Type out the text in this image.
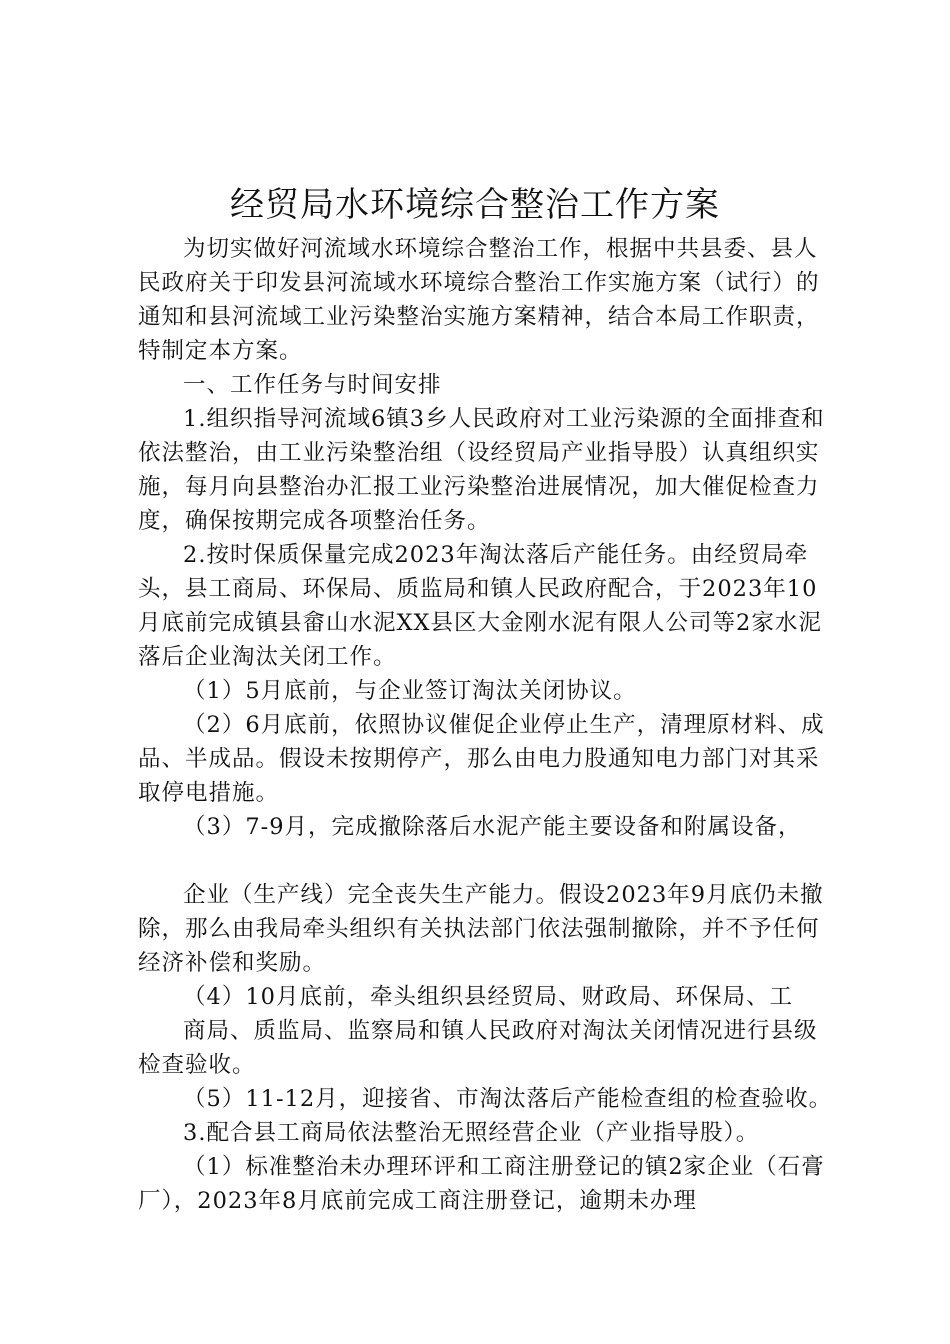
经贸局水环境综合整治工作方案

为切实做好河流域水环境综合整治工作，根据中共县委、县人民政府关于印发县河流域水环境综合整治工作实施方案（试行）的通知和县河流域工业污染整治实施方案精神，结合本局工作职责，特制定本方案。

一、工作任务与时间安排

1.组织指导河流域6镇3乡人民政府对工业污染源的全面排查和依法整治，由工业污染整治组（设经贸局产业指导股）认真组织实施，每月向县整治办汇报工业污染整治进展情况，加大催促检查力度，确保按期完成各项整治任务。

2.按时保质保量完成2023年淘汰落后产能任务。由经贸局牵头，县工商局、环保局、质监局和镇人民政府配合，于2023年10月底前完成镇县畲山水泥XX县区大金刚水泥有限人公司等2家水泥落后企业淘汰关闭工作。

（1）5月底前，与企业签订淘汰关闭协议。

（2）6月底前，依照协议催促企业停止生产，清理原材料、成品、半成品。假设未按期停产，那么由电力股通知电力部门对其采取停电措施。

（3）7-9月，完成撤除落后水泥产能主要设备和附属设备，

企业（生产线）完全丧失生产能力。假设2023年9月底仍未撤除，那么由我局牵头组织有关执法部门依法强制撤除，并不予任何经济补偿和奖励。

（4）10月底前，牵头组织县经贸局、财政局、环保局、工

商局、质监局、监察局和镇人民政府对淘汰关闭情况进行县级检查验收。

（5）11-12月，迎接省、市淘汰落后产能检查组的检查验收。

3.配合县工商局依法整治无照经营企业（产业指导股）。

（1）标准整治未办理环评和工商注册登记的镇2家企业（石膏厂），2023年8月底前完成工商注册登记，逾期未办理
